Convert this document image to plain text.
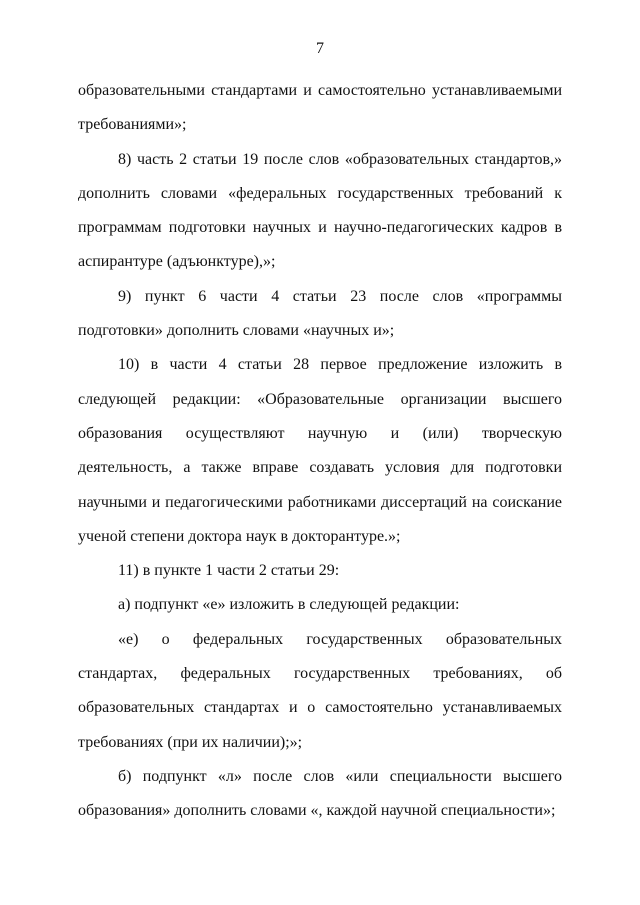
7

образовательными стандартами и самостоятельно устанавливаемыми требованиями»;

8) часть 2 статьи 19 после слов «образовательных стандартов,» дополнить словами «федеральных государственных требований к программам подготовки научных и научно-педагогических кадров в аспирантуре (адъюнктуре),»;

9) пункт 6 части 4 статьи 23 после слов «программы подготовки» дополнить словами «научных и»;

10) в части 4 статьи 28 первое предложение изложить в следующей редакции: «Образовательные организации высшего образования осуществляют научную и (или) творческую деятельность, а также вправе создавать условия для подготовки научными и педагогическими работниками диссертаций на соискание ученой степени доктора наук в докторантуре.»;

11) в пункте 1 части 2 статьи 29:

а) подпункт «е» изложить в следующей редакции:

«е) о федеральных государственных образовательных стандартах, федеральных государственных требованиях, об образовательных стандартах и о самостоятельно устанавливаемых требованиях (при их наличии);»;

б) подпункт «л» после слов «или специальности высшего образования» дополнить словами «, каждой научной специальности»;
